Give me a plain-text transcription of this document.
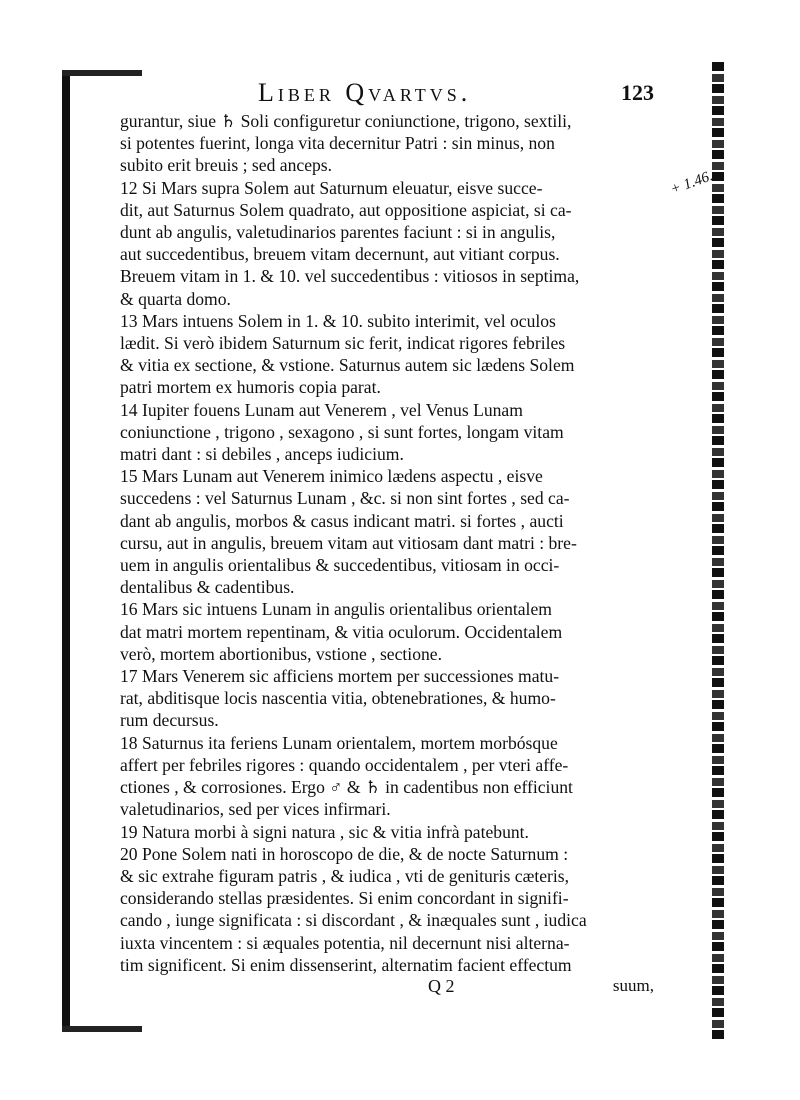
Liber Qvartvs.	123
+ 1.46.
gurantur, siue ♄ Soli configuretur coniunctione, trigono, sextili,
si potentes fuerint, longa vita decernitur Patri : sin minus, non
subito erit breuis ; sed anceps.
12 Si Mars supra Solem aut Saturnum eleuatur, eisve succe-
dit, aut Saturnus Solem quadrato, aut oppositione aspiciat, si ca-
dunt ab angulis, valetudinarios parentes faciunt : si in angulis,
aut succedentibus, breuem vitam decernunt, aut vitiant corpus.
Breuem vitam in 1. & 10. vel succedentibus : vitiosos in septima,
& quarta domo.
13 Mars intuens Solem in 1. & 10. subito interimit, vel oculos
lædit. Si verò ibidem Saturnum sic ferit, indicat rigores febriles
& vitia ex sectione, & vstione. Saturnus autem sic lædens Solem
patri mortem ex humoris copia parat.
14 Iupiter fouens Lunam aut Venerem , vel Venus Lunam
coniunctione , trigono , sexagono , si sunt fortes, longam vitam
matri dant : si debiles , anceps iudicium.
15 Mars Lunam aut Venerem inimico lædens aspectu , eisve
succedens : vel Saturnus Lunam , &c. si non sint fortes , sed ca-
dant ab angulis, morbos & casus indicant matri. si fortes , aucti
cursu, aut in angulis, breuem vitam aut vitiosam dant matri : bre-
uem in angulis orientalibus & succedentibus, vitiosam in occi-
dentalibus & cadentibus.
16 Mars sic intuens Lunam in angulis orientalibus orientalem
dat matri mortem repentinam, & vitia oculorum. Occidentalem
verò, mortem abortionibus, vstione , sectione.
17 Mars Venerem sic afficiens mortem per successiones matu-
rat, abditisque locis nascentia vitia, obtenebrationes, & humo-
rum decursus.
18 Saturnus ita feriens Lunam orientalem, mortem morbósque
affert per febriles rigores : quando occidentalem , per vteri affe-
ctiones , & corrosiones. Ergo ♂ & ♄ in cadentibus non efficiunt
valetudinarios, sed per vices infirmari.
19 Natura morbi à signi natura , sic & vitia infrà patebunt.
20 Pone Solem nati in horoscopo de die, & de nocte Saturnum :
& sic extrahe figuram patris , & iudica , vti de genituris cæteris,
considerando stellas præsidentes. Si enim concordant in signifi-
cando , iunge significata : si discordant , & inæquales sunt , iudica
iuxta vincentem : si æquales potentia, nil decernunt nisi alterna-
tim significent. Si enim dissenserint, alternatim facient effectum
Q 2	suum,
